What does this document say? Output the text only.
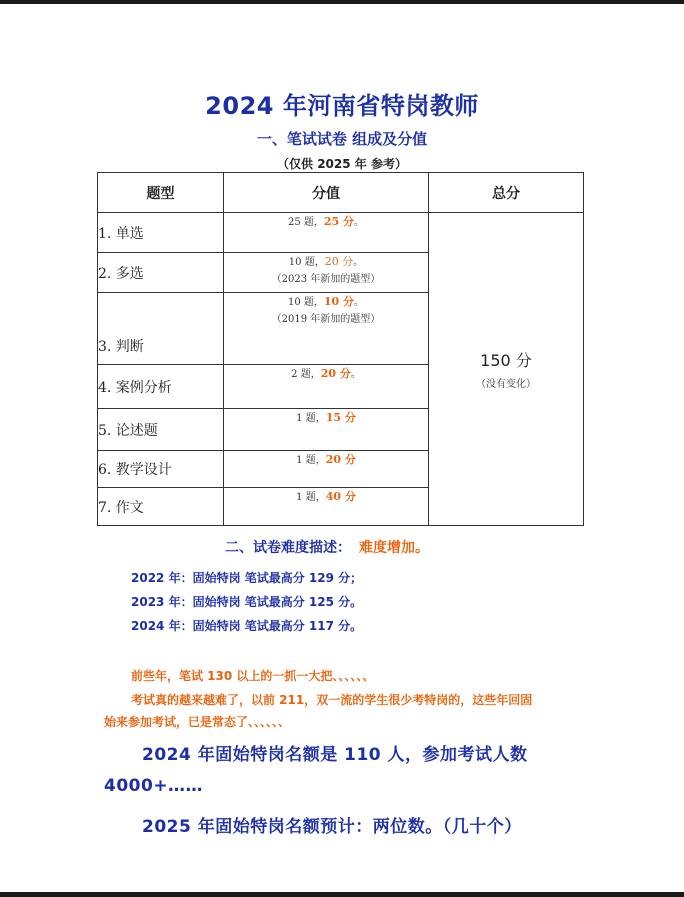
2024 年河南省特岗教师
一、笔试试卷 组成及分值
（仅供 2025 年 参考）
题型	分值	总分
1. 单选	25 题，25 分。	150 分
（没有变化）

2. 多选	10 题，20 分。
（2023 年新加的题型）	
3. 判断	10 题，10 分。
（2019 年新加的题型）	
4. 案例分析	2 题，20 分。	
5. 论述题	1 题，15 分	
6. 教学设计	1 题，20 分	
7. 作文	1 题，40 分	
二、试卷难度描述： 难度增加。
2022 年：固始特岗 笔试最高分 129 分；
2023 年：固始特岗 笔试最高分 125 分。
2024 年：固始特岗 笔试最高分 117 分。
前些年，笔试 130 以上的一抓一大把、、、、、、
考试真的越来越难了，以前 211，双一流的学生很少考特岗的，这些年回固
始来参加考试，已是常态了、、、、、、
2024 年固始特岗名额是 110 人，参加考试人数
4000+……
2025 年固始特岗名额预计：两位数。（几十个）
